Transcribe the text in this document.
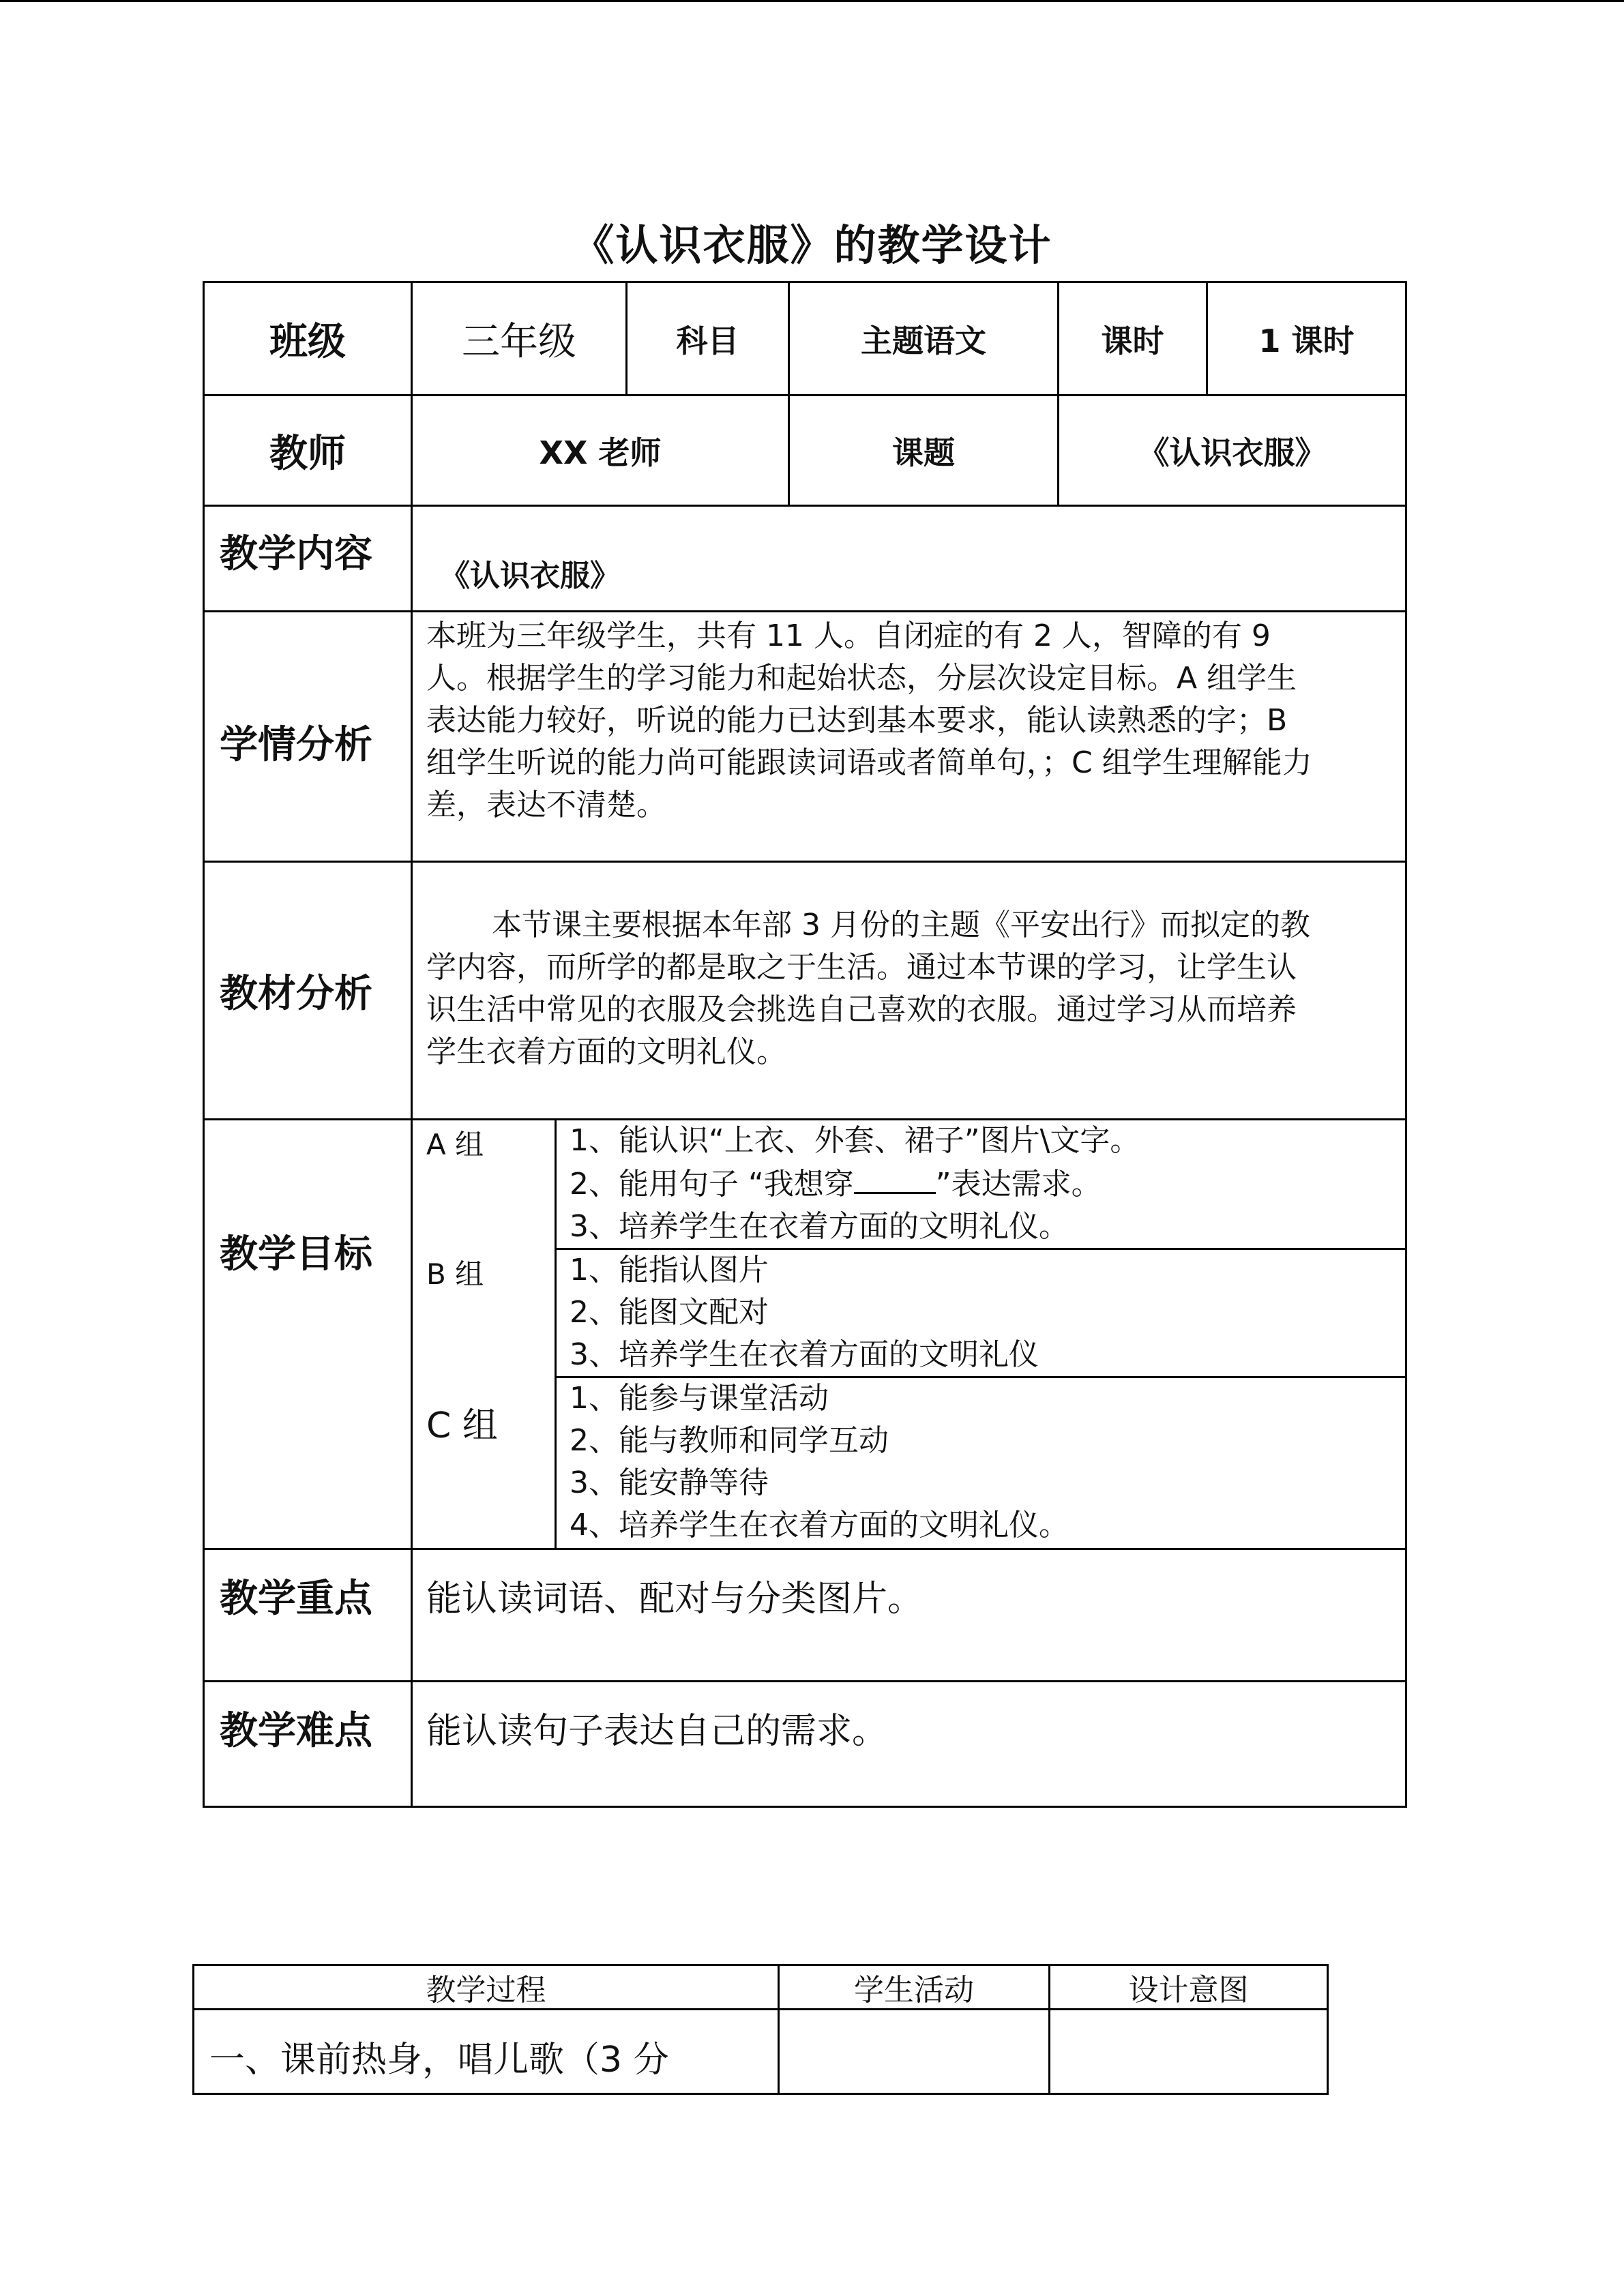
《认识衣服》的教学设计
班级	三年级	科目	主题语文	课时	1 课时
教师	XX 老师	课题	《认识衣服》
教学内容 《认识衣服》
学情分析
本班为三年级学生，共有 11 人。自闭症的有 2 人，智障的有 9
人。根据学生的学习能力和起始状态，分层次设定目标。A 组学生
表达能力较好，听说的能力已达到基本要求，能认读熟悉的字；B
组学生听说的能力尚可能跟读词语或者简单句，；C 组学生理解能力
差，表达不清楚。
教材分析
本节课主要根据本年部 3 月份的主题《平安出行》而拟定的教
学内容，而所学的都是取之于生活。通过本节课的学习，让学生认
识生活中常见的衣服及会挑选自己喜欢的衣服。通过学习从而培养
学生衣着方面的文明礼仪。
教学目标
A 组	1、能认识“上衣、外套、裙子”图片\文字。
2、能用句子 “我想穿	”表达需求。
3、培养学生在衣着方面的文明礼仪。
B 组	1、能指认图片
2、能图文配对
3、培养学生在衣着方面的文明礼仪
C 组
1、能参与课堂活动
2、能与教师和同学互动
3、能安静等待
4、培养学生在衣着方面的文明礼仪。
教学重点 能认读词语、配对与分类图片。
教学难点 能认读句子表达自己的需求。
教学过程	学生活动	设计意图
一、课前热身，唱儿歌（3 分
